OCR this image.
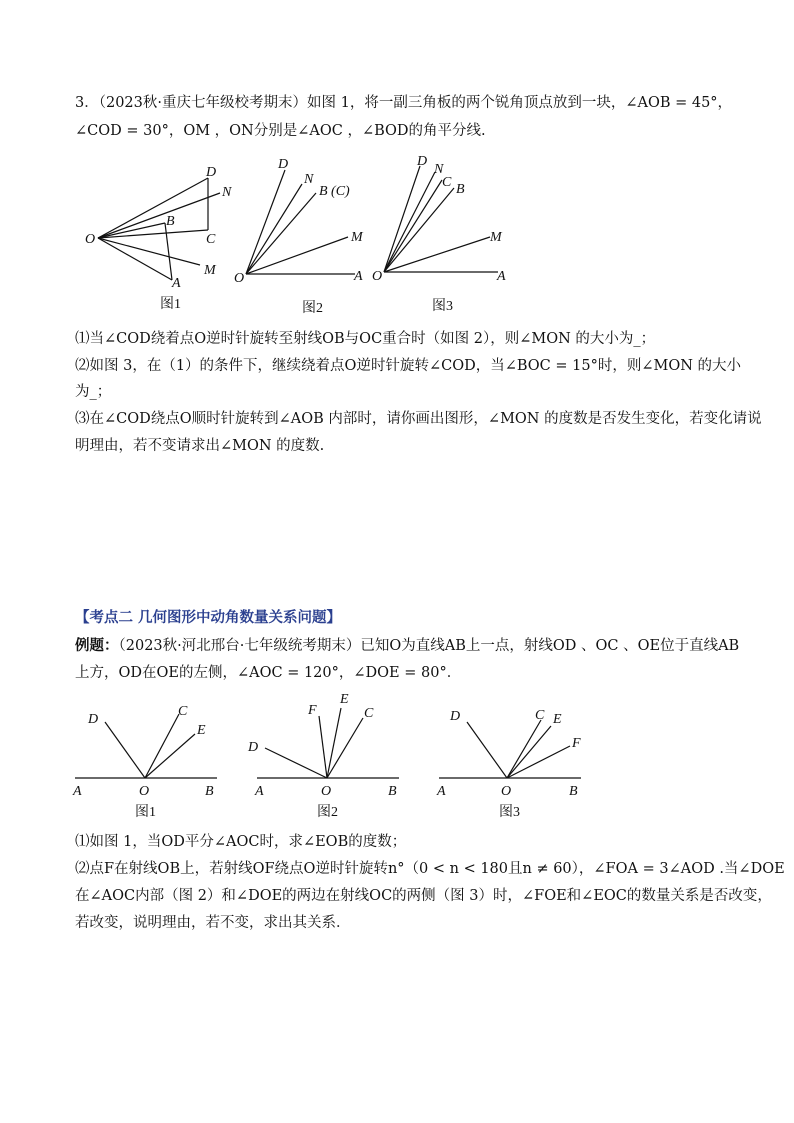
3．（2023秋·重庆七年级校考期末）如图 1，将一副三角板的两个锐角顶点放到一块，∠AOB = 45°，
∠COD = 30°，OM ，ON分别是∠AOC ，∠BOD的角平分线.
D
N
B
C
O
M
A
图1
D
N
B (C)
M
O	A
图2
D
N
C B
M
O	A
图3
⑴当∠COD绕着点O逆时针旋转至射线OB与OC重合时（如图 2），则∠MON 的大小为_；
⑵如图 3，在（1）的条件下，继续绕着点O逆时针旋转∠COD，当∠BOC = 15°时，则∠MON 的大小
为_；
⑶在∠COD绕点O顺时针旋转到∠AOB 内部时，请你画出图形，∠MON 的度数是否发生变化，若变化请说
明理由，若不变请求出∠MON 的度数.
【考点二 几何图形中动角数量关系问题】
例题：（2023秋·河北邢台·七年级统考期末）已知O为直线AB上一点，射线OD 、OC 、OE位于直线AB
上方，OD在OE的左侧，∠AOC = 120°，∠DOE = 80°．
D
C
E
A	O	B
图1
D
F
E
C
A	O	B
图2
D	C E
F
A	O	B
图3
⑴如图 1，当OD平分∠AOC时，求∠EOB的度数；
⑵点F在射线OB上，若射线OF绕点O逆时针旋转n°（0 < n < 180且n ≠ 60），∠FOA = 3∠AOD .当∠DOE
在∠AOC内部（图 2）和∠DOE的两边在射线OC的两侧（图 3）时，∠FOE和∠EOC的数量关系是否改变，
若改变，说明理由，若不变，求出其关系．
